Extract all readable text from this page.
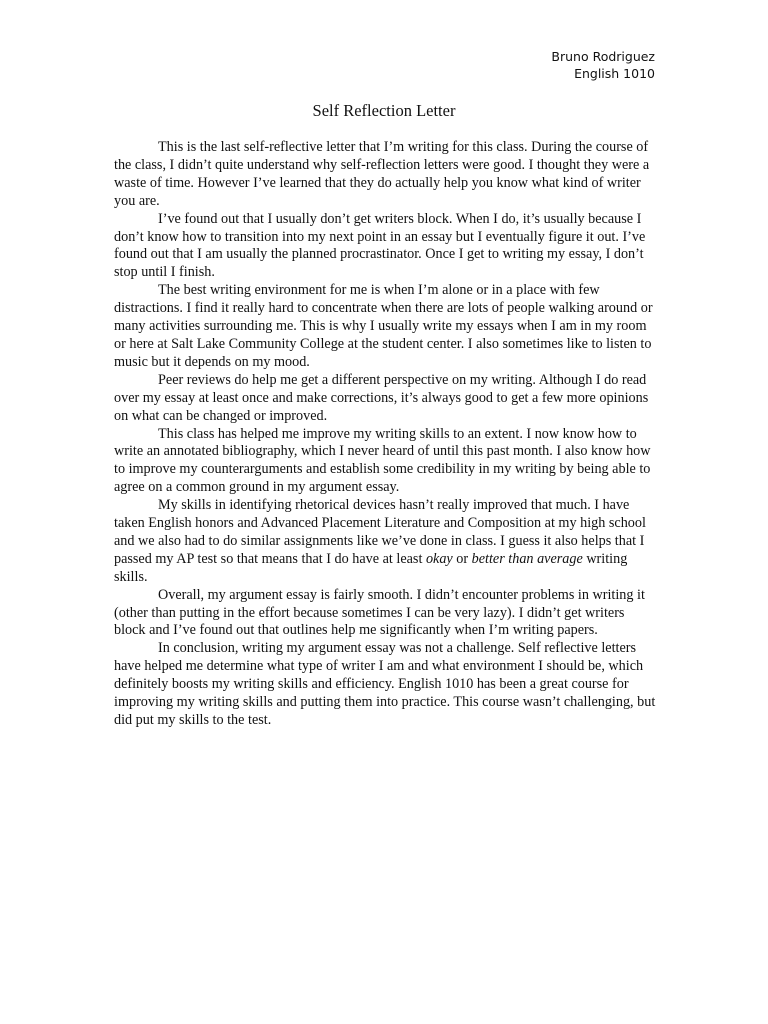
Bruno Rodriguez
English 1010
Self Reflection Letter

This is the last self-reflective letter that I’m writing for this class. During the course of the class, I didn’t quite understand why self-reflection letters were good. I thought they were a waste of time. However I’ve learned that they do actually help you know what kind of writer you are.

I’ve found out that I usually don’t get writers block. When I do, it’s usually because I don’t know how to transition into my next point in an essay but I eventually figure it out. I’ve found out that I am usually the planned procrastinator. Once I get to writing my essay, I don’t stop until I finish.

The best writing environment for me is when I’m alone or in a place with few distractions. I find it really hard to concentrate when there are lots of people walking around or many activities surrounding me. This is why I usually write my essays when I am in my room or here at Salt Lake Community College at the student center. I also sometimes like to listen to music but it depends on my mood.

Peer reviews do help me get a different perspective on my writing. Although I do read over my essay at least once and make corrections, it’s always good to get a few more opinions on what can be changed or improved.

This class has helped me improve my writing skills to an extent. I now know how to write an annotated bibliography, which I never heard of until this past month. I also know how to improve my counterarguments and establish some credibility in my writing by being able to agree on a common ground in my argument essay.

My skills in identifying rhetorical devices hasn’t really improved that much. I have taken English honors and Advanced Placement Literature and Composition at my high school and we also had to do similar assignments like we’ve done in class. I guess it also helps that I passed my AP test so that means that I do have at least okay or better than average writing skills.

Overall, my argument essay is fairly smooth. I didn’t encounter problems in writing it (other than putting in the effort because sometimes I can be very lazy). I didn’t get writers block and I’ve found out that outlines help me significantly when I’m writing papers.

In conclusion, writing my argument essay was not a challenge. Self reflective letters have helped me determine what type of writer I am and what environment I should be, which definitely boosts my writing skills and efficiency. English 1010 has been a great course for improving my writing skills and putting them into practice. This course wasn’t challenging, but did put my skills to the test.
